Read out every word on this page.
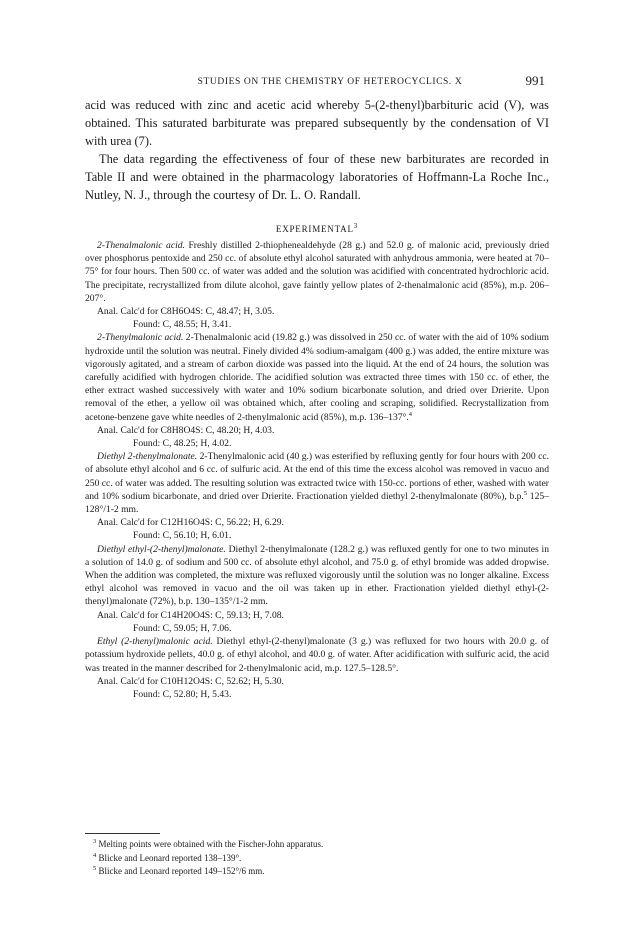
STUDIES ON THE CHEMISTRY OF HETEROCYCLICS. X	991

acid was reduced with zinc and acetic acid whereby 5-(2-thenyl)barbituric acid (V), was obtained. This saturated barbiturate was prepared subsequently by the condensation of VI with urea (7).

The data regarding the effectiveness of four of these new barbiturates are recorded in Table II and were obtained in the pharmacology laboratories of Hoffmann-La Roche Inc., Nutley, N. J., through the courtesy of Dr. L. O. Randall.

EXPERIMENTAL$^3$

2-Thenalmalonic acid. Freshly distilled 2-thiophenealdehyde (28 g.) and 52.0 g. of malonic acid, previously dried over phosphorus pentoxide and 250 cc. of absolute ethyl alcohol saturated with anhydrous ammonia, were heated at 70–75° for four hours. Then 500 cc. of water was added and the solution was acidified with concentrated hydrochloric acid. The precipitate, recrystallized from dilute alcohol, gave faintly yellow plates of 2-thenalmalonic acid (85%), m.p. 206–207°.

Anal. Calc'd for C8H6O4S: C, 48.47; H, 3.05.

Found: C, 48.55; H, 3.41.

2-Thenylmalonic acid. 2-Thenalmalonic acid (19.82 g.) was dissolved in 250 cc. of water with the aid of 10% sodium hydroxide until the solution was neutral. Finely divided 4% sodium-amalgam (400 g.) was added, the entire mixture was vigorously agitated, and a stream of carbon dioxide was passed into the liquid. At the end of 24 hours, the solution was carefully acidified with hydrogen chloride. The acidified solution was extracted three times with 150 cc. of ether, the ether extract washed successively with water and 10% sodium bicarbonate solution, and dried over Drierite. Upon removal of the ether, a yellow oil was obtained which, after cooling and scraping, solidified. Recrystallization from acetone-benzene gave white needles of 2-thenylmalonic acid (85%), m.p. 136–137°.$^4$

Anal. Calc'd for C8H8O4S: C, 48.20; H, 4.03.

Found: C, 48.25; H, 4.02.

Diethyl 2-thenylmalonate. 2-Thenylmalonic acid (40 g.) was esterified by refluxing gently for four hours with 200 cc. of absolute ethyl alcohol and 6 cc. of sulfuric acid. At the end of this time the excess alcohol was removed in vacuo and 250 cc. of water was added. The resulting solution was extracted twice with 150-cc. portions of ether, washed with water and 10% sodium bicarbonate, and dried over Drierite. Fractionation yielded diethyl 2-thenylmalonate (80%), b.p.$^5$ 125–128°/1-2 mm.

Anal. Calc'd for C12H16O4S: C, 56.22; H, 6.29.

Found: C, 56.10; H, 6.01.

Diethyl ethyl-(2-thenyl)malonate. Diethyl 2-thenylmalonate (128.2 g.) was refluxed gently for one to two minutes in a solution of 14.0 g. of sodium and 500 cc. of absolute ethyl alcohol, and 75.0 g. of ethyl bromide was added dropwise. When the addition was completed, the mixture was refluxed vigorously until the solution was no longer alkaline. Excess ethyl alcohol was removed in vacuo and the oil was taken up in ether. Fractionation yielded diethyl ethyl-(2-thenyl)malonate (72%), b.p. 130–135°/1-2 mm.

Anal. Calc'd for C14H20O4S: C, 59.13; H, 7.08.

Found: C, 59.05; H, 7.06.

Ethyl (2-thenyl)malonic acid. Diethyl ethyl-(2-thenyl)malonate (3 g.) was refluxed for two hours with 20.0 g. of potassium hydroxide pellets, 40.0 g. of ethyl alcohol, and 40.0 g. of water. After acidification with sulfuric acid, the acid was treated in the manner described for 2-thenylmalonic acid, m.p. 127.5–128.5°.

Anal. Calc'd for C10H12O4S: C, 52.62; H, 5.30.

Found: C, 52.80; H, 5.43.

$^3$ Melting points were obtained with the Fischer-John apparatus.

$^4$ Blicke and Leonard reported 138–139°.

$^5$ Blicke and Leonard reported 149–152°/6 mm.
